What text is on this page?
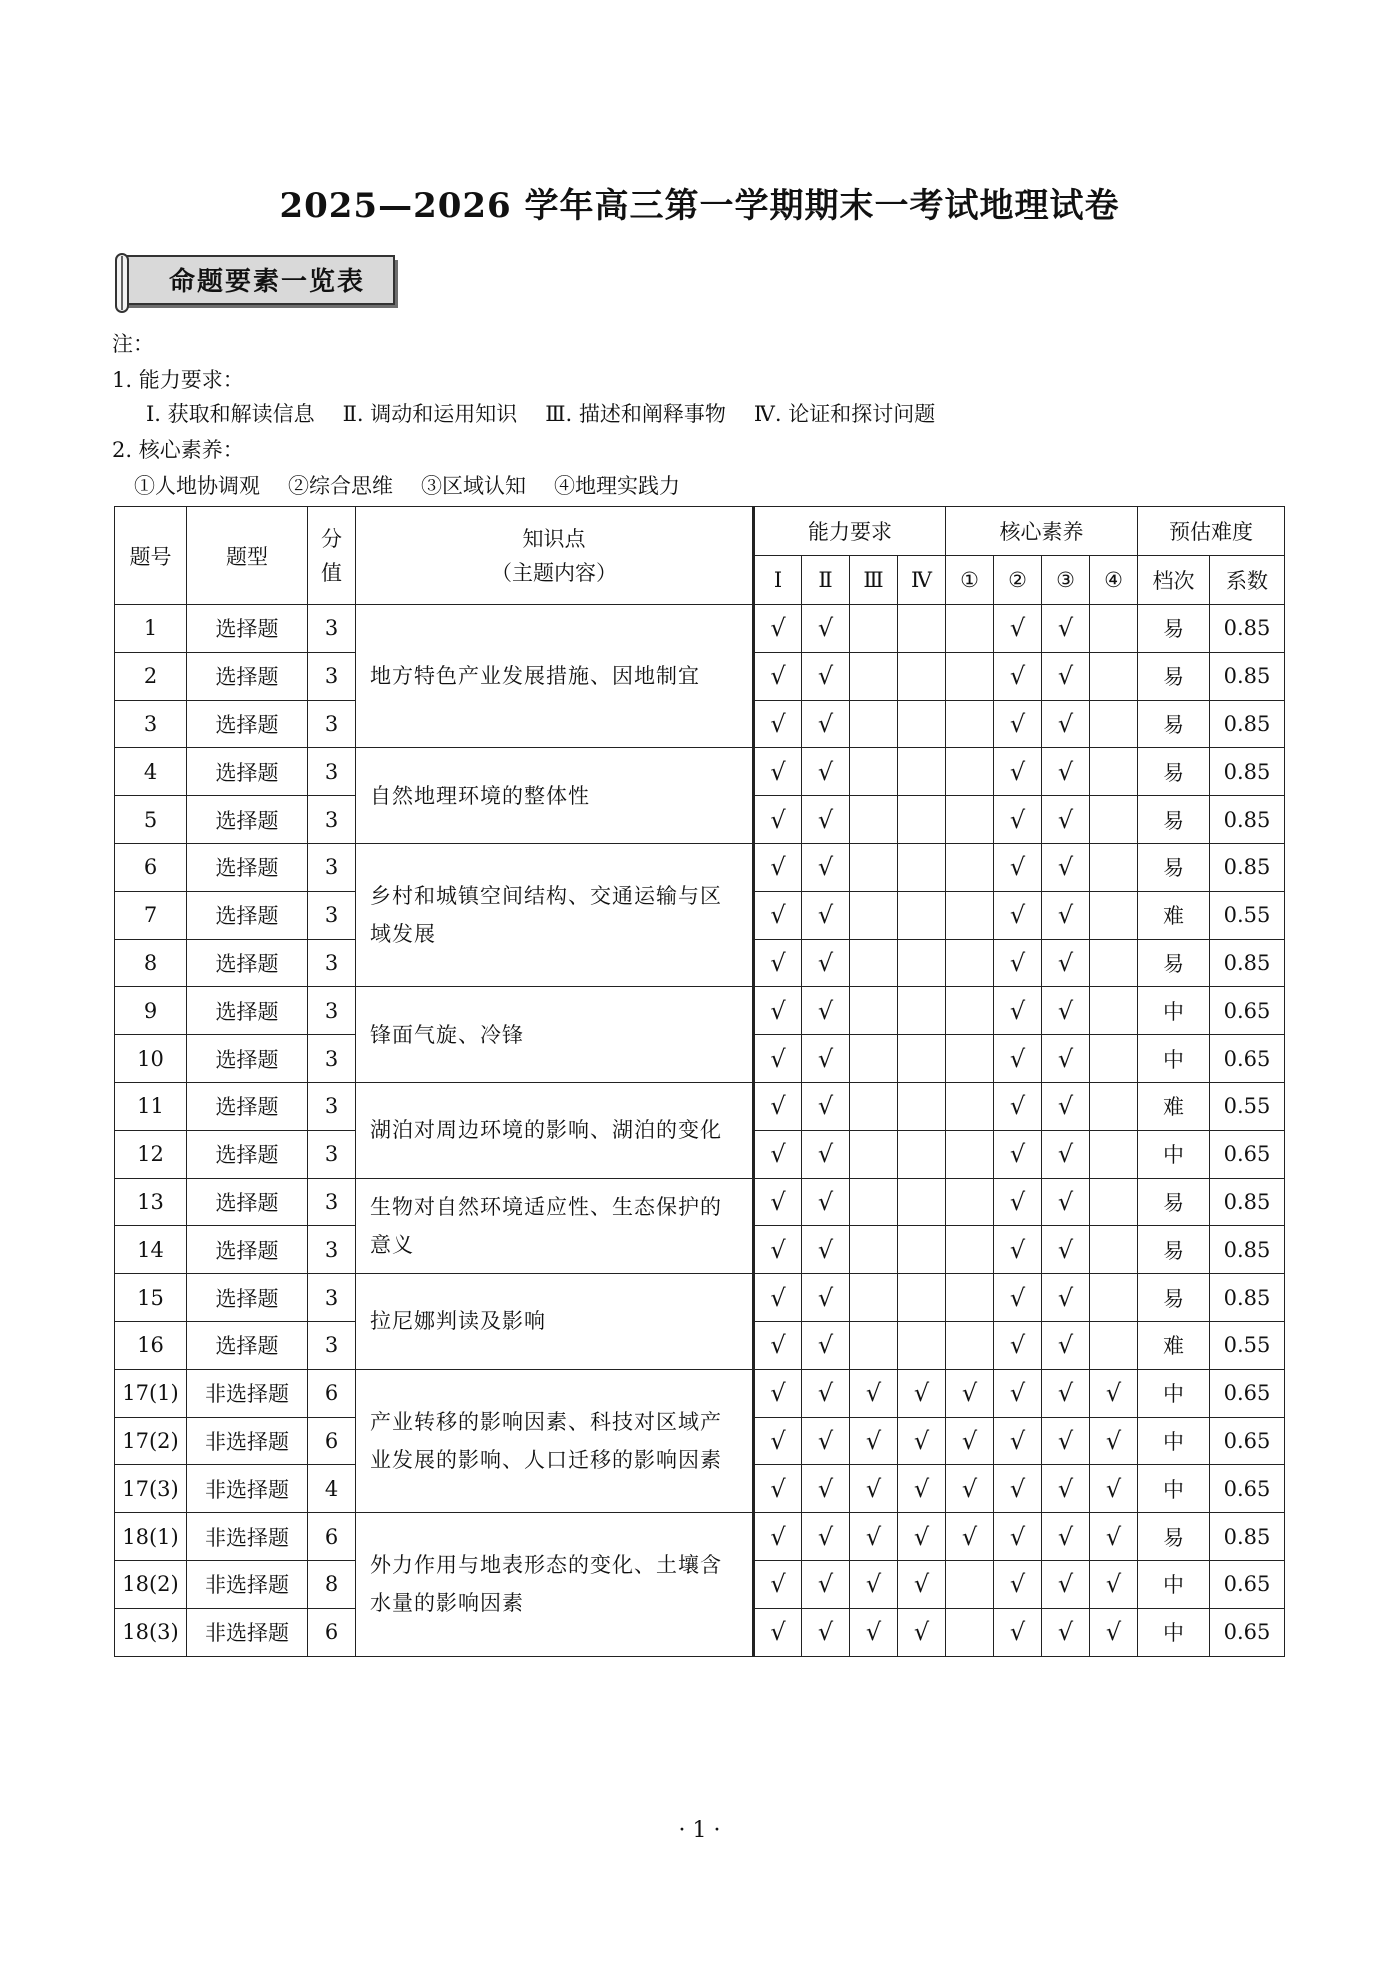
2025—2026 学年高三第一学期期末一考试地理试卷
命题要素一览表
注：
1. 能力要求：
Ⅰ. 获取和解读信息 Ⅱ. 调动和运用知识 Ⅲ. 描述和阐释事物 Ⅳ. 论证和探讨问题
2. 核心素养：
①人地协调观 ②综合思维 ③区域认知 ④地理实践力
题号	题型	分值	知识点
（主题内容）	能力要求				核心素养				预估难度	
				Ⅰ	Ⅱ	Ⅲ	Ⅳ	①	②	③	④	档次	系数
1	选择题	3	地方特色产业发展措施、因地制宜	√	√				√	√		易	0.85
2	选择题	3		√	√				√	√		易	0.85
3	选择题	3		√	√				√	√		易	0.85
4	选择题	3	自然地理环境的整体性	√	√				√	√		易	0.85
5	选择题	3		√	√				√	√		易	0.85
6	选择题	3	乡村和城镇空间结构、交通运输与区域发展	√	√				√	√		易	0.85
7	选择题	3		√	√				√	√		难	0.55
8	选择题	3		√	√				√	√		易	0.85
9	选择题	3	锋面气旋、冷锋	√	√				√	√		中	0.65
10	选择题	3		√	√				√	√		中	0.65
11	选择题	3	湖泊对周边环境的影响、湖泊的变化	√	√				√	√		难	0.55
12	选择题	3		√	√				√	√		中	0.65
13	选择题	3	生物对自然环境适应性、生态保护的意义	√	√				√	√		易	0.85
14	选择题	3		√	√				√	√		易	0.85
15	选择题	3	拉尼娜判读及影响	√	√				√	√		易	0.85
16	选择题	3		√	√				√	√		难	0.55
17(1)	非选择题	6	产业转移的影响因素、科技对区域产业发展的影响、人口迁移的影响因素	√	√	√	√	√	√	√	√	中	0.65
17(2)	非选择题	6		√	√	√	√	√	√	√	√	中	0.65
17(3)	非选择题	4		√	√	√	√	√	√	√	√	中	0.65
18(1)	非选择题	6	外力作用与地表形态的变化、土壤含水量的影响因素	√	√	√	√	√	√	√	√	易	0.85
18(2)	非选择题	8		√	√	√	√		√	√	√	中	0.65
18(3)	非选择题	6		√	√	√	√		√	√	√	中	0.65
· 1 ·
